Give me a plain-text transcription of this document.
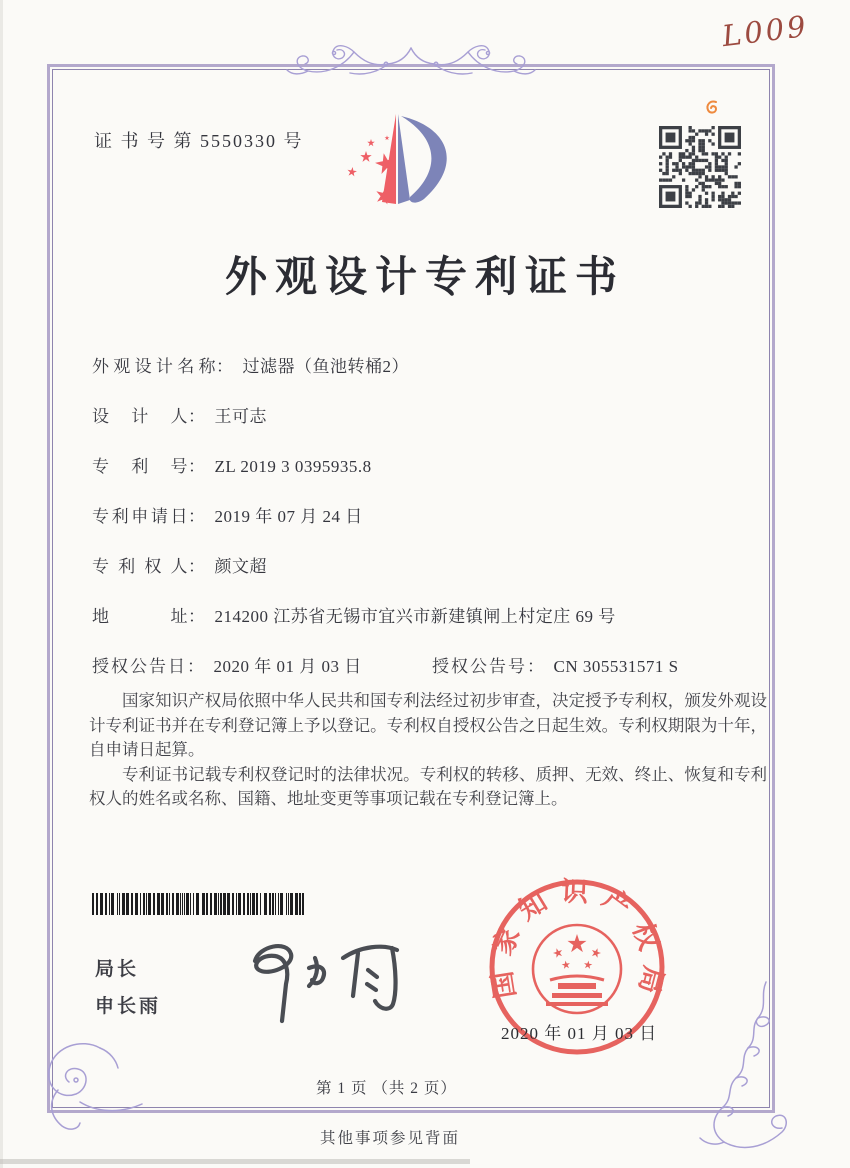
L009
证 书 号 第 5550330 号
外观设计专利证书
外观设计名称： 过滤器（鱼池转桶2）
设计人： 王可志
专利号： ZL 2019 3 0395935.8
专利申请日： 2019 年 07 月 24 日
专利权人： 颜文超
地址： 214200 江苏省无锡市宜兴市新建镇闸上村定庄 69 号
授权公告日： 2020 年 01 月 03 日	授权公告号： CN 305531571 S

国家知识产权局依照中华人民共和国专利法经过初步审查，决定授予专利权，颁发外观设计专利证书并在专利登记簿上予以登记。专利权自授权公告之日起生效。专利权期限为十年，自申请日起算。

专利证书记载专利权登记时的法律状况。专利权的转移、质押、无效、终止、恢复和专利权人的姓名或名称、国籍、地址变更等事项记载在专利登记簿上。

局长
申长雨
国家知识产权局
2020 年 01 月 03 日
第 1 页 （共 2 页）
其他事项参见背面
